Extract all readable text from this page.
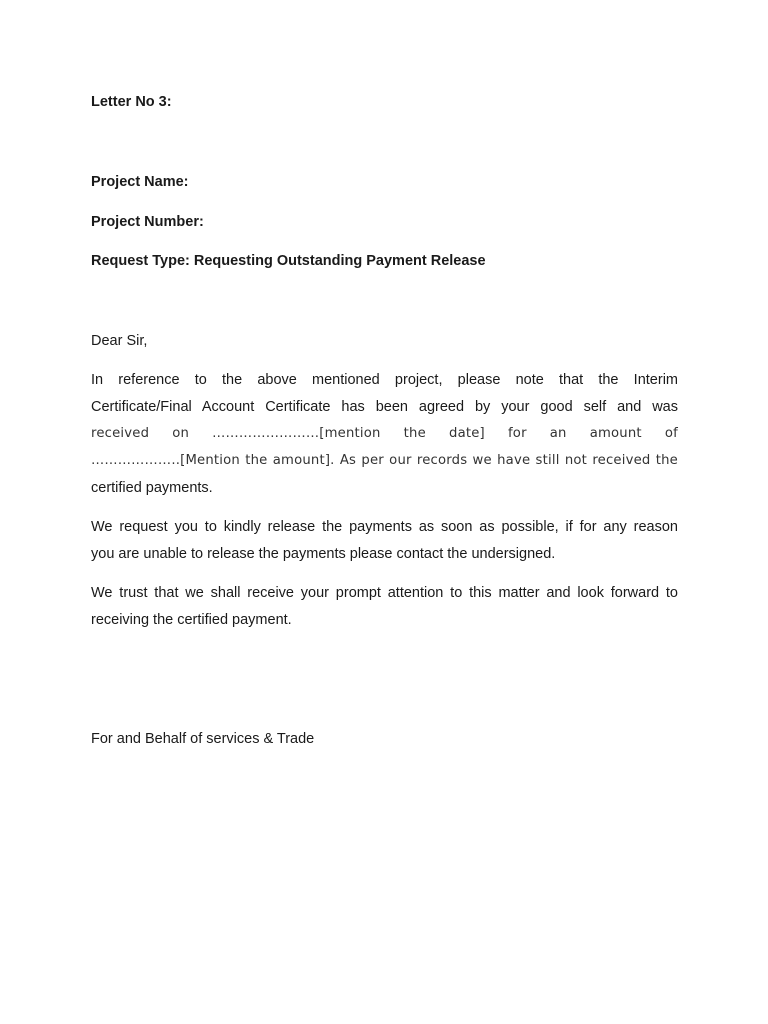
Letter No 3:
Project Name:
Project Number:
Request Type: Requesting Outstanding Payment Release
Dear Sir,
In reference to the above mentioned project, please note that the Interim
Certificate/Final Account Certificate has been agreed by your good self and was
received on ……………………[mention the date] for an amount of
………………..[Mention the amount]. As per our records we have still not received the
certified payments.
We request you to kindly release the payments as soon as possible, if for any reason
you are unable to release the payments please contact the undersigned.
We trust that we shall receive your prompt attention to this matter and look forward to
receiving the certified payment.
For and Behalf of services & Trade
